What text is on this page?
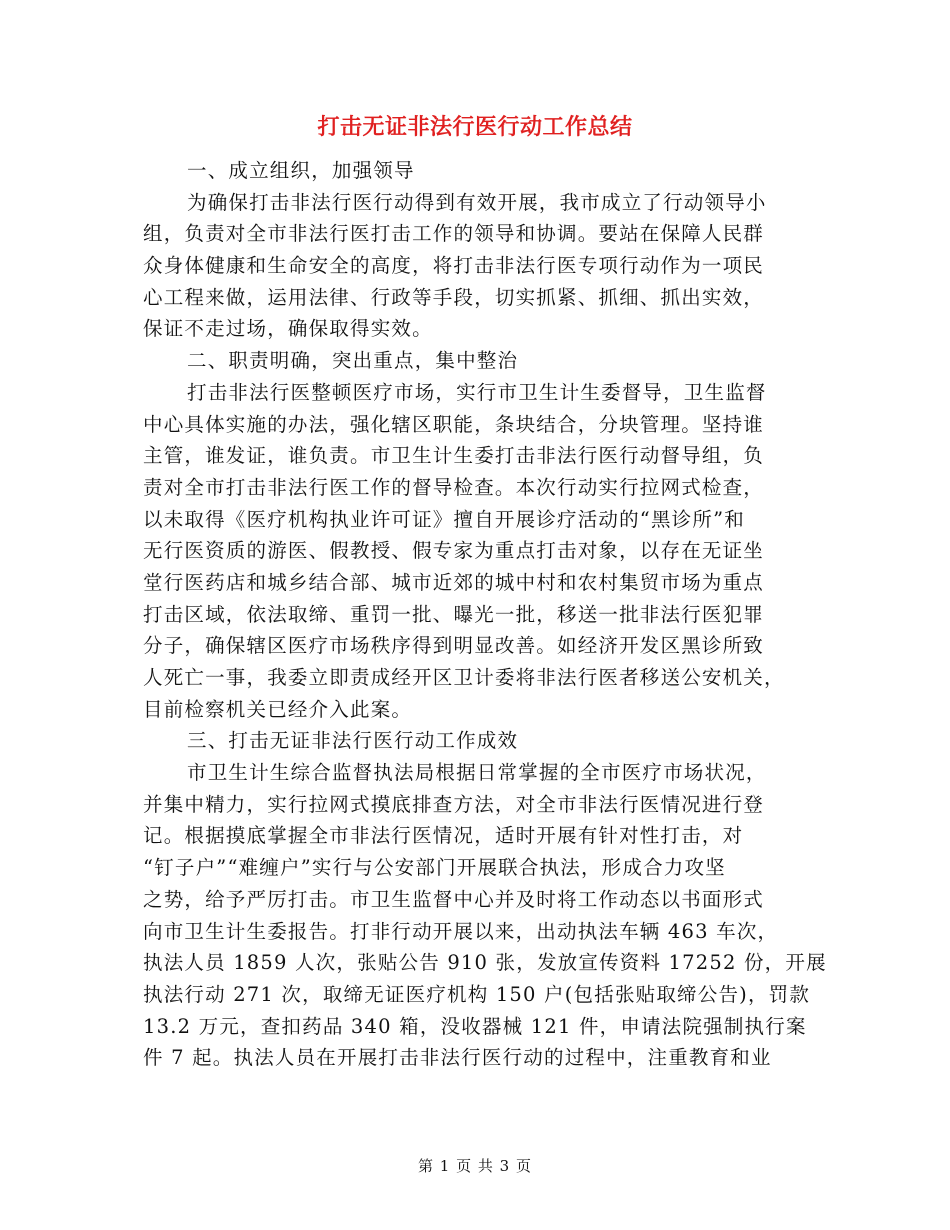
打击无证非法行医行动工作总结
一、成立组织，加强领导
为确保打击非法行医行动得到有效开展，我市成立了行动领导小
组，负责对全市非法行医打击工作的领导和协调。要站在保障人民群
众身体健康和生命安全的高度，将打击非法行医专项行动作为一项民
心工程来做，运用法律、行政等手段，切实抓紧、抓细、抓出实效，
保证不走过场，确保取得实效。
二、职责明确，突出重点，集中整治
打击非法行医整顿医疗市场，实行市卫生计生委督导，卫生监督
中心具体实施的办法，强化辖区职能，条块结合，分块管理。坚持谁
主管，谁发证，谁负责。市卫生计生委打击非法行医行动督导组，负
责对全市打击非法行医工作的督导检查。本次行动实行拉网式检查，
以未取得《医疗机构执业许可证》擅自开展诊疗活动的“黑诊所”和
无行医资质的游医、假教授、假专家为重点打击对象，以存在无证坐
堂行医药店和城乡结合部、城市近郊的城中村和农村集贸市场为重点
打击区域，依法取缔、重罚一批、曝光一批，移送一批非法行医犯罪
分子，确保辖区医疗市场秩序得到明显改善。如经济开发区黑诊所致
人死亡一事，我委立即责成经开区卫计委将非法行医者移送公安机关，
目前检察机关已经介入此案。
三、打击无证非法行医行动工作成效
市卫生计生综合监督执法局根据日常掌握的全市医疗市场状况，
并集中精力，实行拉网式摸底排查方法，对全市非法行医情况进行登
记。根据摸底掌握全市非法行医情况，适时开展有针对性打击，对
“钉子户”“难缠户”实行与公安部门开展联合执法，形成合力攻坚
之势，给予严厉打击。市卫生监督中心并及时将工作动态以书面形式
向市卫生计生委报告。打非行动开展以来，出动执法车辆 463 车次，
执法人员 1859 人次，张贴公告 910 张，发放宣传资料 17252 份，开展
执法行动 271 次，取缔无证医疗机构 150 户(包括张贴取缔公告)，罚款
13.2 万元，查扣药品 340 箱，没收器械 121 件，申请法院强制执行案
件 7 起。执法人员在开展打击非法行医行动的过程中，注重教育和业
第 1 页 共 3 页
